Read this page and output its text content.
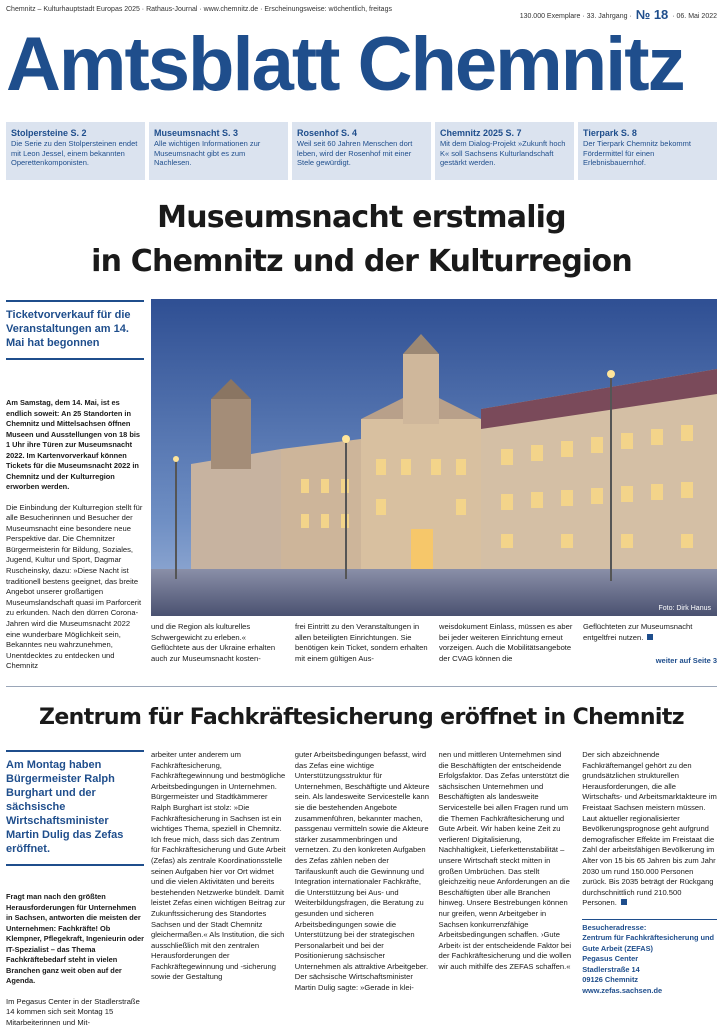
Chemnitz – Kulturhauptstadt Europas 2025 · Rathaus-Journal · www.chemnitz.de · Erscheinungsweise: wöchentlich, freitags
130.000 Exemplare · 33. Jahrgang · № 18 · 06. Mai 2022
Amtsblatt Chemnitz
Stolpersteine S. 2
Die Serie zu den Stolpersteinen endet mit Leon Jessel, einem bekannten Operettenkomponisten.
Museumsnacht S. 3
Alle wichtigen Informationen zur Museumsnacht gibt es zum Nachlesen.
Rosenhof S. 4
Weil seit 60 Jahren Menschen dort leben, wird der Rosenhof mit einer Stele gewürdigt.
Chemnitz 2025 S. 7
Mit dem Dialog-Projekt »Zukunft hoch K« soll Sachsens Kulturlandschaft gestärkt werden.
Tierpark S. 8
Der Tierpark Chemnitz bekommt Fördermittel für einen Erlebnisbauernhof.
Museumsnacht erstmalig
in Chemnitz und der Kulturregion
Ticketvorverkauf für die Veranstaltungen am 14. Mai hat begonnen
Am Samstag, dem 14. Mai, ist es endlich soweit: An 25 Standorten in Chemnitz und Mittelsachsen öffnen Museen und Ausstellungen von 18 bis 1 Uhr ihre Türen zur Museumsnacht 2022. Im Kartenvorverkauf können Tickets für die Museumsnacht 2022 in Chemnitz und der Kulturregion erworben werden.
Die Einbindung der Kulturregion stellt für alle Besucherinnen und Besucher der Museumsnacht eine besondere neue Perspektive dar. Die Chemnitzer Bürgermeisterin für Bildung, Soziales, Jugend, Kultur und Sport, Dagmar Ruscheinsky, dazu: »Diese Nacht ist traditionell bestens geeignet, das breite Angebot unserer großartigen Museumslandschaft quasi im Parforcerit zu erkunden. Nach den dürren Corona-Jahren wird die Museumsnacht 2022 eine wunderbare Möglichkeit sein, Bekanntes neu wahrzunehmen, Unentdecktes zu entdecken und Chemnitz
Foto: Dirk Hanus
und die Region als kulturelles Schwergewicht zu erleben.« Geflüchtete aus der Ukraine erhalten auch zur Museumsnacht kosten-
frei Eintritt zu den Veranstaltungen in allen beteiligten Einrichtungen. Sie benötigen kein Ticket, sondern erhalten mit einem gültigen Aus-
weisdokument Einlass, müssen es aber bei jeder weiteren Einrichtung erneut vorzeigen. Auch die Mobilitätsangebote der CVAG können die
Geflüchteten zur Museumsnacht entgeltfrei nutzen.
weiter auf Seite 3
Zentrum für Fachkräftesicherung eröffnet in Chemnitz
Am Montag haben Bürgermeister Ralph Burghart und der sächsische Wirtschaftsminister Martin Dulig das Zefas eröffnet.
Fragt man nach den größten Herausforderungen für Unternehmen in Sachsen, antworten die meisten der Unternehmen: Fachkräfte! Ob Klempner, Pflegekraft, Ingenieurin oder IT-Spezialist – das Thema Fachkräftebedarf steht in vielen Branchen ganz weit oben auf der Agenda.
Im Pegasus Center in der Stadlerstraße 14 kommen sich seit Montag 15 Mitarbeiterinnen und Mit-
arbeiter unter anderem um Fachkräftesicherung, Fachkräftegewinnung und bestmögliche Arbeitsbedingungen in Unternehmen. Bürgermeister und Stadtkämmerer Ralph Burghart ist stolz: »Die Fachkräftesicherung in Sachsen ist ein wichtiges Thema, speziell in Chemnitz. Ich freue mich, dass sich das Zentrum für Fachkräftesicherung und Gute Arbeit (Zefas) als zentrale Koordinationsstelle seinen Aufgaben hier vor Ort widmet und die vielen Aktivitäten und bereits bestehenden Netzwerke bündelt. Damit leistet Zefas einen wichtigen Beitrag zur Zukunftssicherung des Standortes Sachsen und der Stadt Chemnitz gleichermaßen.« Als Institution, die sich ausschließlich mit den zentralen Herausforderungen der Fachkräftegewinnung und -sicherung sowie der Gestaltung
guter Arbeitsbedingungen befasst, wird das Zefas eine wichtige Unterstützungsstruktur für Unternehmen, Beschäftigte und Akteure sein. Als landesweite Servicestelle kann sie die bestehenden Angebote zusammenführen, bekannter machen, passgenau vermitteln sowie die Akteure stärker zusammenbringen und vernetzen. Zu den konkreten Aufgaben des Zefas zählen neben der Tarifauskunft auch die Gewinnung und Integration internationaler Fachkräfte, die Unterstützung bei Aus- und Weiterbildungsfragen, die Beratung zu gesunden und sicheren Arbeitsbedingungen sowie die Unterstützung bei der strategischen Personalarbeit und bei der Positionierung sächsischer Unternehmen als attraktive Arbeitgeber. Der sächsische Wirtschaftsminister Martin Dulig sagte: »Gerade in klei-
nen und mittleren Unternehmen sind die Beschäftigten der entscheidende Erfolgsfaktor. Das Zefas unterstützt die sächsischen Unternehmen und Beschäftigten als landesweite Servicestelle bei allen Fragen rund um die Themen Fachkräftesicherung und Gute Arbeit. Wir haben keine Zeit zu verlieren! Digitalisierung, Nachhaltigkeit, Lieferkettenstabilität – unsere Wirtschaft steckt mitten in großen Umbrüchen. Das stellt gleichzeitig neue Anforderungen an die Beschäftigten über alle Branchen hinweg. Unsere Bestrebungen können nur greifen, wenn Arbeitgeber in Sachsen konkurrenzfähige Arbeitsbedingungen schaffen. ›Gute Arbeit‹ ist der entscheidende Faktor bei der Fachkräftesicherung und die wollen wir auch mithilfe des ZEFAS schaffen.«
Der sich abzeichnende Fachkräftemangel gehört zu den grundsätzlichen strukturellen Herausforderungen, die alle Wirtschafts- und Arbeitsmarktakteure im Freistaat Sachsen meistern müssen. Laut aktueller regionalisierter Bevölkerungsprognose geht aufgrund demografischer Effekte im Freistaat die Zahl der arbeitsfähigen Bevölkerung im Alter von 15 bis 65 Jahren bis zum Jahr 2030 um rund 150.000 Personen zurück. Bis 2035 beträgt der Rückgang durchschnittlich rund 210.500 Personen.
Besucheradresse:
Zentrum für Fachkräftesicherung und Gute Arbeit (ZEFAS)
Pegasus Center
Stadlerstraße 14
09126 Chemnitz
www.zefas.sachsen.de
